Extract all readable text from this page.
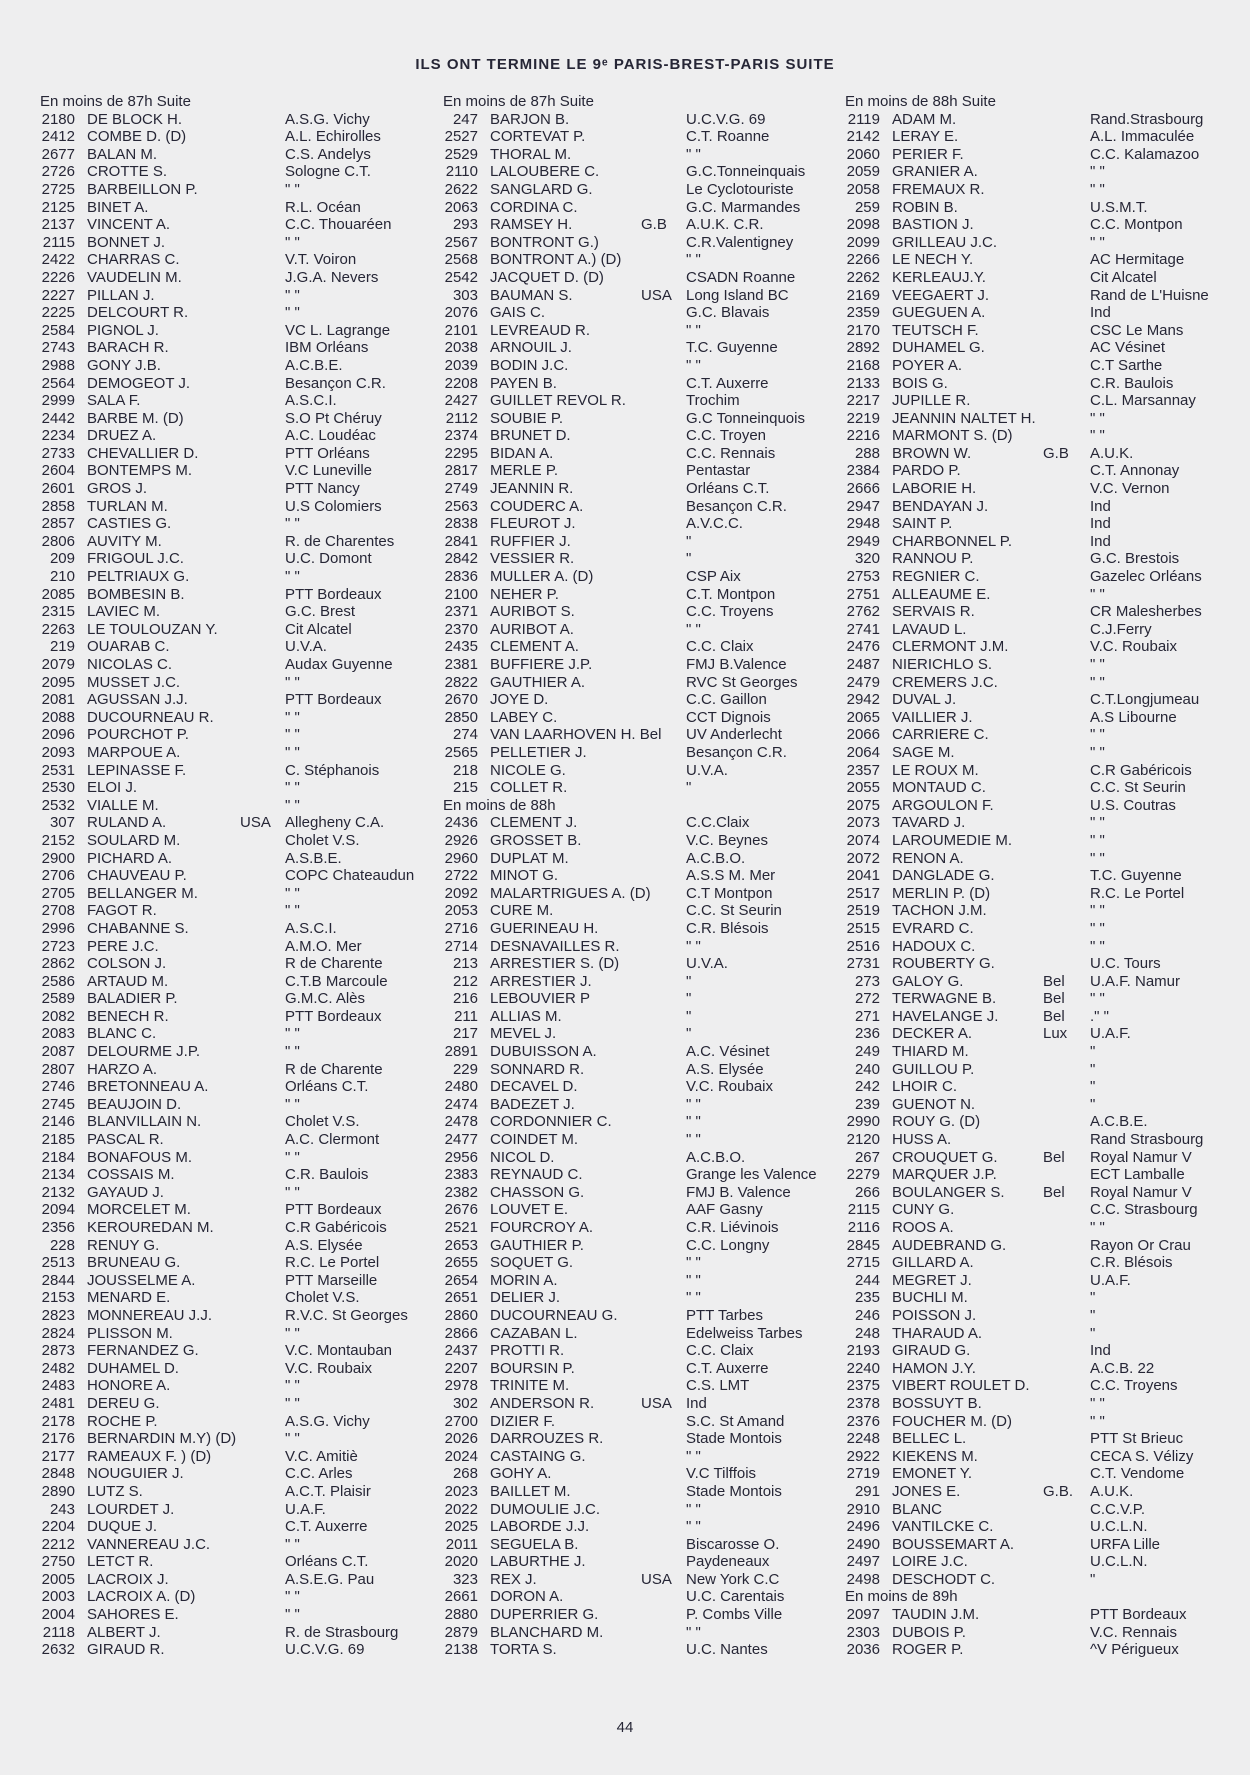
ILS ONT TERMINE LE 9ᵉ PARIS-BREST-PARIS SUITE
En moins de 87h Suite
2180 DE BLOCK H.	A.S.G. Vichy
2412 COMBE D. (D)	A.L. Echirolles
2677 BALAN M.	C.S. Andelys
2726 CROTTE S.	Sologne C.T.
2725 BARBEILLON P.	" "
2125 BINET A.	R.L. Océan
2137 VINCENT A.	C.C. Thouaréen
2115 BONNET J.	" "
2422 CHARRAS C.	V.T. Voiron
2226 VAUDELIN M.	J.G.A. Nevers
2227 PILLAN J.	" "
2225 DELCOURT R.	" "
2584 PIGNOL J.	VC L. Lagrange
2743 BARACH R.	IBM Orléans
2988 GONY J.B.	A.C.B.E.
2564 DEMOGEOT J.	Besançon C.R.
2999 SALA F.	A.S.C.I.
2442 BARBE M. (D)	S.O Pt Chéruy
2234 DRUEZ A.	A.C. Loudéac
2733 CHEVALLIER D.	PTT Orléans
2604 BONTEMPS M.	V.C Luneville
2601 GROS J.	PTT Nancy
2858 TURLAN M.	U.S Colomiers
2857 CASTIES G.	" "
2806 AUVITY M.	R. de Charentes
209 FRIGOUL J.C.	U.C. Domont
210 PELTRIAUX G.	" "
2085 BOMBESIN B.	PTT Bordeaux
2315 LAVIEC M.	G.C. Brest
2263 LE TOULOUZAN Y.	Cit Alcatel
219 OUARAB C.	U.V.A.
2079 NICOLAS C.	Audax Guyenne
2095 MUSSET J.C.	" "
2081 AGUSSAN J.J.	PTT Bordeaux
2088 DUCOURNEAU R.	" "
2096 POURCHOT P.	" "
2093 MARPOUE A.	" "
2531 LEPINASSE F.	C. Stéphanois
2530 ELOI J.	" "
2532 VIALLE M.	" "
307 RULAND A.	USA Allegheny C.A.
2152 SOULARD M.	Cholet V.S.
2900 PICHARD A.	A.S.B.E.
2706 CHAUVEAU P.	COPC Chateaudun
2705 BELLANGER M.	" "
2708 FAGOT R.	" "
2996 CHABANNE S.	A.S.C.I.
2723 PERE J.C.	A.M.O. Mer
2862 COLSON J.	R de Charente
2586 ARTAUD M.	C.T.B Marcoule
2589 BALADIER P.	G.M.C. Alès
2082 BENECH R.	PTT Bordeaux
2083 BLANC C.	" "
2087 DELOURME J.P.	" "
2807 HARZO A.	R de Charente
2746 BRETONNEAU A.	Orléans C.T.
2745 BEAUJOIN D.	" "
2146 BLANVILLAIN N.	Cholet V.S.
2185 PASCAL R.	A.C. Clermont
2184 BONAFOUS M.	" "
2134 COSSAIS M.	C.R. Baulois
2132 GAYAUD J.	" "
2094 MORCELET M.	PTT Bordeaux
2356 KEROUREDAN M.	C.R Gabéricois
228 RENUY G.	A.S. Elysée
2513 BRUNEAU G.	R.C. Le Portel
2844 JOUSSELME A.	PTT Marseille
2153 MENARD E.	Cholet V.S.
2823 MONNEREAU J.J.	R.V.C. St Georges
2824 PLISSON M.	" "
2873 FERNANDEZ G.	V.C. Montauban
2482 DUHAMEL D.	V.C. Roubaix
2483 HONORE A.	" "
2481 DEREU G.	" "
2178 ROCHE P.	A.S.G. Vichy
2176 BERNARDIN M.Y) (D)	" "
2177 RAMEAUX F. ) (D)	V.C. Amitiè
2848 NOUGUIER J.	C.C. Arles
2890 LUTZ S.	A.C.T. Plaisir
243 LOURDET J.	U.A.F.
2204 DUQUE J.	C.T. Auxerre
2212 VANNEREAU J.C.	" "
2750 LETCT R.	Orléans C.T.
2005 LACROIX J.	A.S.E.G. Pau
2003 LACROIX A. (D)	" "
2004 SAHORES E.	" "
2118 ALBERT J.	R. de Strasbourg
2632 GIRAUD R.	U.C.V.G. 69
En moins de 87h Suite
247 BARJON B.	U.C.V.G. 69
2527 CORTEVAT P.	C.T. Roanne
2529 THORAL M.	" "
2110 LALOUBERE C.	G.C.Tonneinquais
2622 SANGLARD G.	Le Cyclotouriste
2063 CORDINA C.	G.C. Marmandes
293 RAMSEY H.	G.B A.U.K. C.R.
2567 BONTRONT G.)	C.R.Valentigney
2568 BONTRONT A.) (D)	" "
2542 JACQUET D. (D)	CSADN Roanne
303 BAUMAN S.	USA Long Island BC
2076 GAIS C.	G.C. Blavais
2101 LEVREAUD R.	" "
2038 ARNOUIL J.	T.C. Guyenne
2039 BODIN J.C.	" "
2208 PAYEN B.	C.T. Auxerre
2427 GUILLET REVOL R.	Trochim
2112 SOUBIE P.	G.C Tonneinquois
2374 BRUNET D.	C.C. Troyen
2295 BIDAN A.	C.C. Rennais
2817 MERLE P.	Pentastar
2749 JEANNIN R.	Orléans C.T.
2563 COUDERC A.	Besançon C.R.
2838 FLEUROT J.	A.V.C.C.
2841 RUFFIER J.	"
2842 VESSIER R.	"
2836 MULLER A. (D)	CSP Aix
2100 NEHER P.	C.T. Montpon
2371 AURIBOT S.	C.C. Troyens
2370 AURIBOT A.	" "
2435 CLEMENT A.	C.C. Claix
2381 BUFFIERE J.P.	FMJ B.Valence
2822 GAUTHIER A.	RVC St Georges
2670 JOYE D.	C.C. Gaillon
2850 LABEY C.	CCT Dignois
274 VAN LAARHOVEN H. Bel UV Anderlecht
2565 PELLETIER J.	Besançon C.R.
218 NICOLE G.	U.V.A.
215 COLLET R.	"
En moins de 88h
2436 CLEMENT J.	C.C.Claix
2926 GROSSET B.	V.C. Beynes
2960 DUPLAT M.	A.C.B.O.
2722 MINOT G.	A.S.S M. Mer
2092 MALARTRIGUES A. (D) C.T Montpon
2053 CURE M.	C.C. St Seurin
2716 GUERINEAU H.	C.R. Blésois
2714 DESNAVAILLES R.	" "
213 ARRESTIER S. (D)	U.V.A.
212 ARRESTIER J.	"
216 LEBOUVIER P	"
211 ALLIAS M.	"
217 MEVEL J.	"
2891 DUBUISSON A.	A.C. Vésinet
229 SONNARD R.	A.S. Elysée
2480 DECAVEL D.	V.C. Roubaix
2474 BADEZET J.	" "
2478 CORDONNIER C.	" "
2477 COINDET M.	" "
2956 NICOL D.	A.C.B.O.
2383 REYNAUD C.	Grange les Valence
2382 CHASSON G.	FMJ B. Valence
2676 LOUVET E.	AAF Gasny
2521 FOURCROY A.	C.R. Liévinois
2653 GAUTHIER P.	C.C. Longny
2655 SOQUET G.	" "
2654 MORIN A.	" "
2651 DELIER J.	" "
2860 DUCOURNEAU G.	PTT Tarbes
2866 CAZABAN L.	Edelweiss Tarbes
2437 PROTTI R.	C.C. Claix
2207 BOURSIN P.	C.T. Auxerre
2978 TRINITE M.	C.S. LMT
302 ANDERSON R.	USA Ind
2700 DIZIER F.	S.C. St Amand
2026 DARROUZES R.	Stade Montois
2024 CASTAING G.	" "
268 GOHY A.	V.C Tilffois
2023 BAILLET M.	Stade Montois
2022 DUMOULIE J.C.	" "
2025 LABORDE J.J.	" "
2011 SEGUELA B.	Biscarosse O.
2020 LABURTHE J.	Paydeneaux
323 REX J.	USA New York C.C
2661 DORON A.	U.C. Carentais
2880 DUPERRIER G.	P. Combs Ville
2879 BLANCHARD M.	" "
2138 TORTA S.	U.C. Nantes
En moins de 88h Suite
2119 ADAM M.	Rand.Strasbourg
2142 LERAY E.	A.L. Immaculée
2060 PERIER F.	C.C. Kalamazoo
2059 GRANIER A.	" "
2058 FREMAUX R.	" "
259 ROBIN B.	U.S.M.T.
2098 BASTION J.	C.C. Montpon
2099 GRILLEAU J.C.	" "
2266 LE NECH Y.	AC Hermitage
2262 KERLEAUJ.Y.	Cit Alcatel
2169 VEEGAERT J.	Rand de L'Huisne
2359 GUEGUEN A.	Ind
2170 TEUTSCH F.	CSC Le Mans
2892 DUHAMEL G.	AC Vésinet
2168 POYER A.	C.T Sarthe
2133 BOIS G.	C.R. Baulois
2217 JUPILLE R.	C.L. Marsannay
2219 JEANNIN NALTET H.	" "
2216 MARMONT S. (D)	" "
288 BROWN W.	G.B A.U.K.
2384 PARDO P.	C.T. Annonay
2666 LABORIE H.	V.C. Vernon
2947 BENDAYAN J.	Ind
2948 SAINT P.	Ind
2949 CHARBONNEL P.	Ind
320 RANNOU P.	G.C. Brestois
2753 REGNIER C.	Gazelec Orléans
2751 ALLEAUME E.	" "
2762 SERVAIS R.	CR Malesherbes
2741 LAVAUD L.	C.J.Ferry
2476 CLERMONT J.M.	V.C. Roubaix
2487 NIERICHLO S.	" "
2479 CREMERS J.C.	" "
2942 DUVAL J.	C.T.Longjumeau
2065 VAILLIER J.	A.S Libourne
2066 CARRIERE C.	" "
2064 SAGE M.	" "
2357 LE ROUX M.	C.R Gabéricois
2055 MONTAUD C.	C.C. St Seurin
2075 ARGOULON F.	U.S. Coutras
2073 TAVARD J.	" "
2074 LAROUMEDIE M.	" "
2072 RENON A.	" "
2041 DANGLADE G.	T.C. Guyenne
2517 MERLIN P. (D)	R.C. Le Portel
2519 TACHON J.M.	" "
2515 EVRARD C.	" "
2516 HADOUX C.	" "
2731 ROUBERTY G.	U.C. Tours
273 GALOY G.	Bel U.A.F. Namur
272 TERWAGNE B.	Bel " "
271 HAVELANGE J.	Bel ." "
236 DECKER A.	Lux U.A.F.
249 THIARD M.	"
240 GUILLOU P.	"
242 LHOIR C.	"
239 GUENOT N.	"
2990 ROUY G. (D)	A.C.B.E.
2120 HUSS A.	Rand Strasbourg
267 CROUQUET G.	Bel Royal Namur V
2279 MARQUER J.P.	ECT Lamballe
266 BOULANGER S.	Bel Royal Namur V
2115 CUNY G.	C.C. Strasbourg
2116 ROOS A.	" "
2845 AUDEBRAND G.	Rayon Or Crau
2715 GILLARD A.	C.R. Blésois
244 MEGRET J.	U.A.F.
235 BUCHLI M.	"
246 POISSON J.	"
248 THARAUD A.	"
2193 GIRAUD G.	Ind
2240 HAMON J.Y.	A.C.B. 22
2375 VIBERT ROULET D.	C.C. Troyens
2378 BOSSUYT B.	" "
2376 FOUCHER M. (D)	" "
2248 BELLEC L.	PTT St Brieuc
2922 KIEKENS M.	CECA S. Vélizy
2719 EMONET Y.	C.T. Vendome
291 JONES E.	G.B. A.U.K.
2910 BLANC	C.C.V.P.
2496 VANTILCKE C.	U.C.L.N.
2490 BOUSSEMART A.	URFA Lille
2497 LOIRE J.C.	U.C.L.N.
2498 DESCHODT C.	"
En moins de 89h
2097 TAUDIN J.M.	PTT Bordeaux
2303 DUBOIS P.	V.C. Rennais
2036 ROGER P.	^V Périgueux
44
